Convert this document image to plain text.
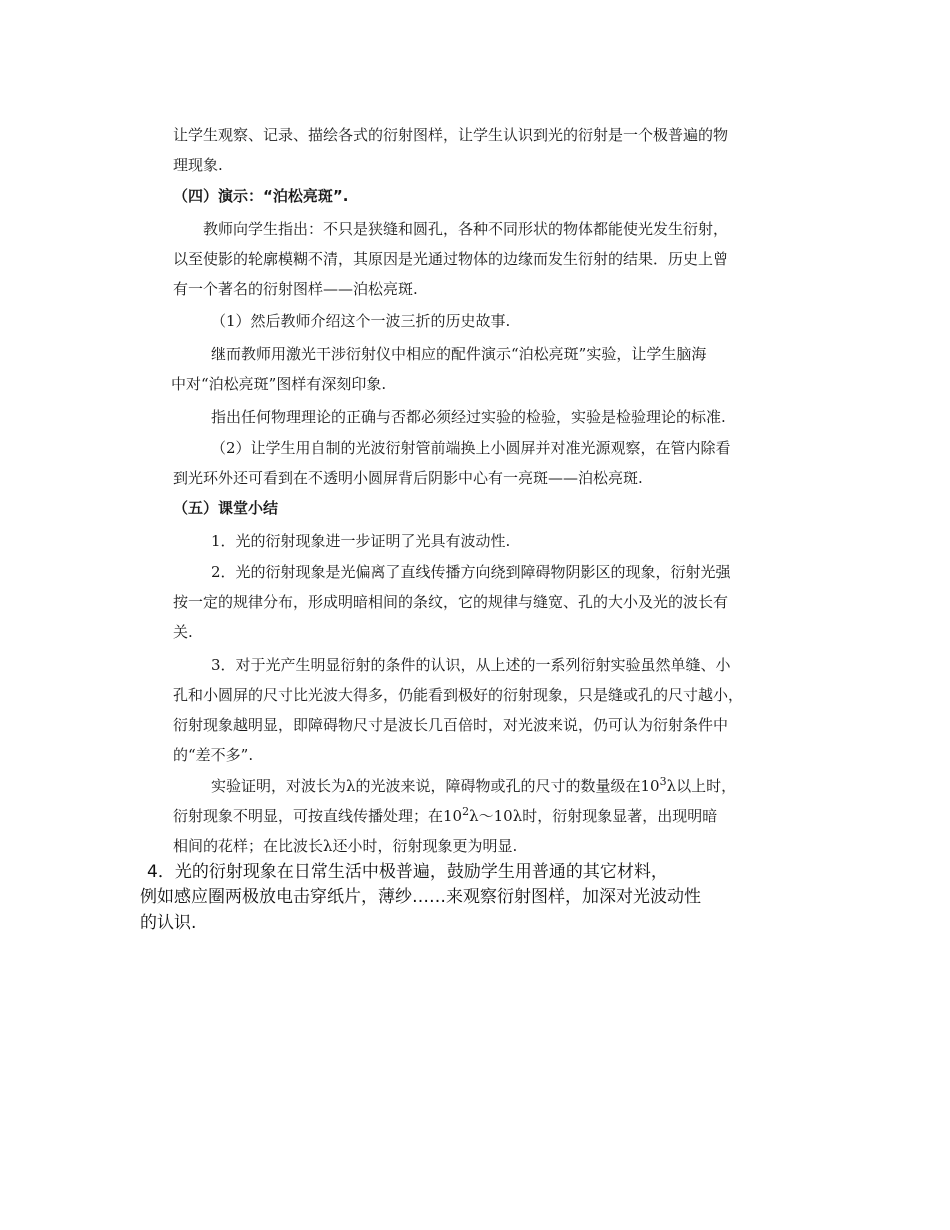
让学生观察、记录、描绘各式的衍射图样，让学生认识到光的衍射是一个极普遍的物
理现象.
（四）演示：“泊松亮斑”.
教师向学生指出：不只是狭缝和圆孔，各种不同形状的物体都能使光发生衍射，
以至使影的轮廓模糊不清，其原因是光通过物体的边缘而发生衍射的结果．历史上曾
有一个著名的衍射图样——泊松亮斑.
（1）然后教师介绍这个一波三折的历史故事.
继而教师用激光干涉衍射仪中相应的配件演示“泊松亮斑”实验，让学生脑海
中对“泊松亮斑”图样有深刻印象.
指出任何物理理论的正确与否都必须经过实验的检验，实验是检验理论的标准.
（2）让学生用自制的光波衍射管前端换上小圆屏并对准光源观察，在管内除看
到光环外还可看到在不透明小圆屏背后阴影中心有一亮斑——泊松亮斑.
（五）课堂小结
1．光的衍射现象进一步证明了光具有波动性.
2．光的衍射现象是光偏离了直线传播方向绕到障碍物阴影区的现象，衍射光强
按一定的规律分布，形成明暗相间的条纹，它的规律与缝宽、孔的大小及光的波长有
关.
3．对于光产生明显衍射的条件的认识，从上述的一系列衍射实验虽然单缝、小
孔和小圆屏的尺寸比光波大得多，仍能看到极好的衍射现象，只是缝或孔的尺寸越小，
衍射现象越明显，即障碍物尺寸是波长几百倍时，对光波来说，仍可认为衍射条件中
的“差不多”.
实验证明，对波长为λ的光波来说，障碍物或孔的尺寸的数量级在$10^3\lambda$以上时，
衍射现象不明显，可按直线传播处理；在$10^2\lambda\sim 10\lambda$时，衍射现象显著，出现明暗
相间的花样；在比波长λ还小时，衍射现象更为明显.
4．光的衍射现象在日常生活中极普遍，鼓励学生用普通的其它材料，
例如感应圈两极放电击穿纸片，薄纱……来观察衍射图样，加深对光波动性
的认识.
